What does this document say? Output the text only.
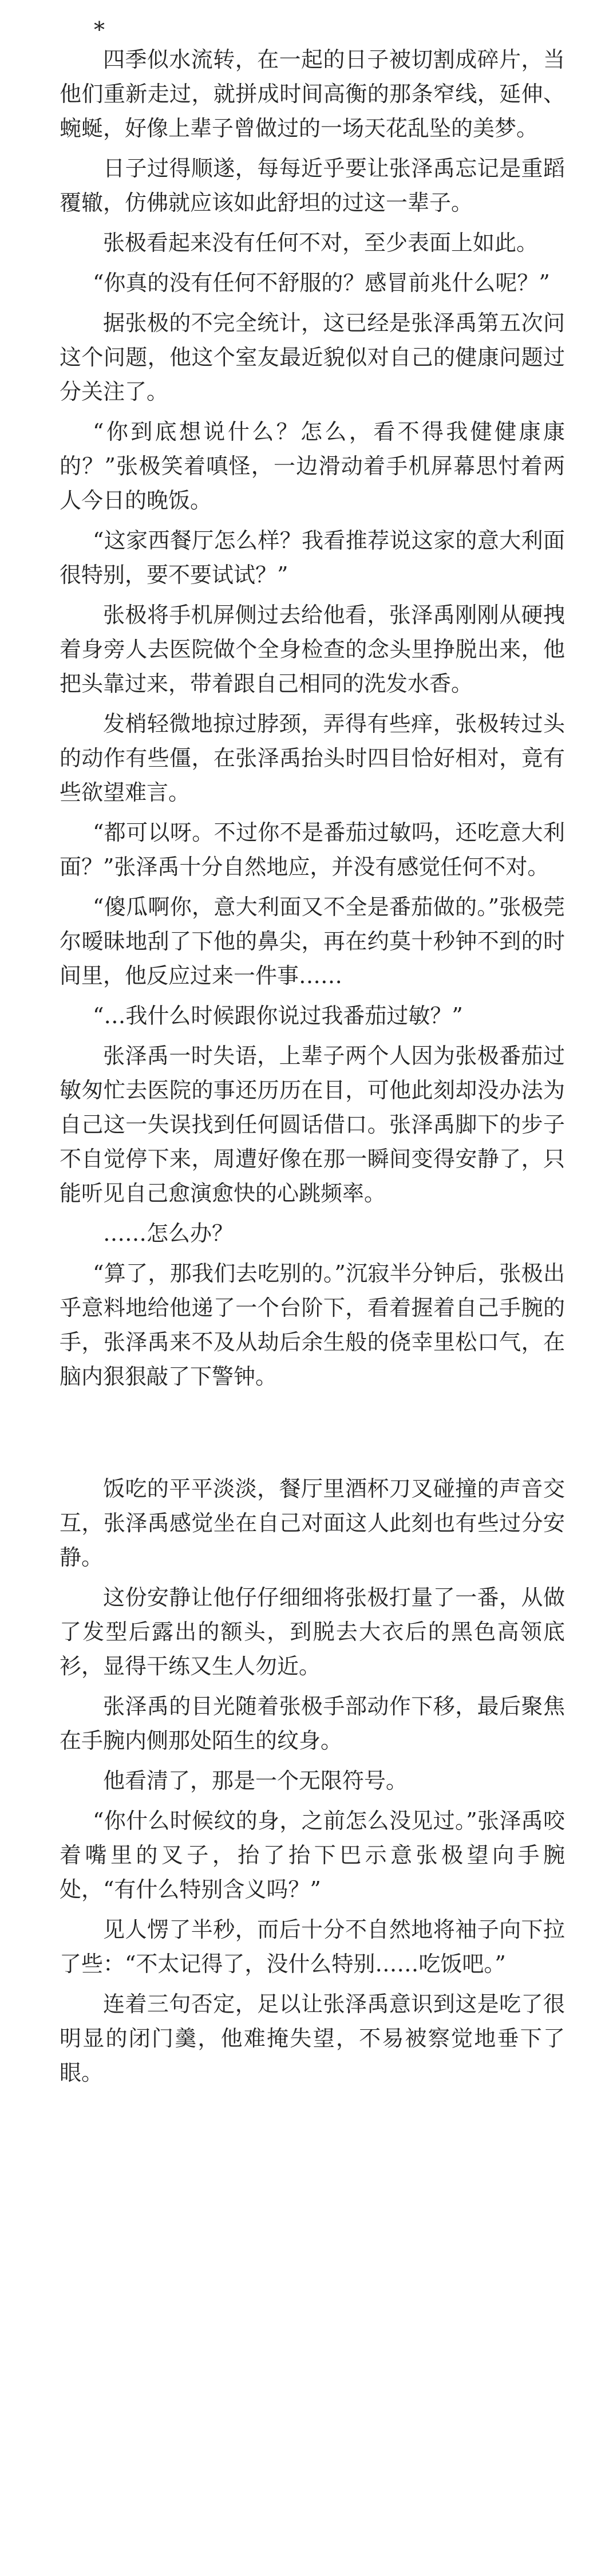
*

四季似水流转，在一起的日子被切割成碎片，当他们重新走过，就拼成时间高衡的那条窄线，延伸、蜿蜒，好像上辈子曾做过的一场天花乱坠的美梦。

日子过得顺遂，每每近乎要让张泽禹忘记是重蹈覆辙，仿佛就应该如此舒坦的过这一辈子。

张极看起来没有任何不对，至少表面上如此。

“你真的没有任何不舒服的？感冒前兆什么呢？”

据张极的不完全统计，这已经是张泽禹第五次问这个问题，他这个室友最近貌似对自己的健康问题过分关注了。

“你到底想说什么？怎么，看不得我健健康康的？”张极笑着嗔怪，一边滑动着手机屏幕思忖着两人今日的晚饭。

“这家西餐厅怎么样？我看推荐说这家的意大利面很特别，要不要试试？”

张极将手机屏侧过去给他看，张泽禹刚刚从硬拽着身旁人去医院做个全身检查的念头里挣脱出来，他把头靠过来，带着跟自己相同的洗发水香。

发梢轻微地掠过脖颈，弄得有些痒，张极转过头的动作有些僵，在张泽禹抬头时四目恰好相对，竟有些欲望难言。

“都可以呀。不过你不是番茄过敏吗，还吃意大利面？”张泽禹十分自然地应，并没有感觉任何不对。

“傻瓜啊你，意大利面又不全是番茄做的。”张极莞尔暧昧地刮了下他的鼻尖，再在约莫十秒钟不到的时间里，他反应过来一件事……

“…我什么时候跟你说过我番茄过敏？”

张泽禹一时失语，上辈子两个人因为张极番茄过敏匆忙去医院的事还历历在目，可他此刻却没办法为自己这一失误找到任何圆话借口。张泽禹脚下的步子不自觉停下来，周遭好像在那一瞬间变得安静了，只能听见自己愈演愈快的心跳频率。

……怎么办？

“算了，那我们去吃别的。”沉寂半分钟后，张极出乎意料地给他递了一个台阶下，看着握着自己手腕的手，张泽禹来不及从劫后余生般的侥幸里松口气，在脑内狠狠敲了下警钟。

饭吃的平平淡淡，餐厅里酒杯刀叉碰撞的声音交互，张泽禹感觉坐在自己对面这人此刻也有些过分安静。

这份安静让他仔仔细细将张极打量了一番，从做了发型后露出的额头，到脱去大衣后的黑色高领底衫，显得干练又生人勿近。

张泽禹的目光随着张极手部动作下移，最后聚焦在手腕内侧那处陌生的纹身。

他看清了，那是一个无限符号。

“你什么时候纹的身，之前怎么没见过。”张泽禹咬着嘴里的叉子，抬了抬下巴示意张极望向手腕处，“有什么特别含义吗？”

见人愣了半秒，而后十分不自然地将袖子向下拉了些：“不太记得了，没什么特别……吃饭吧。”

连着三句否定，足以让张泽禹意识到这是吃了很明显的闭门羹，他难掩失望，不易被察觉地垂下了眼。
